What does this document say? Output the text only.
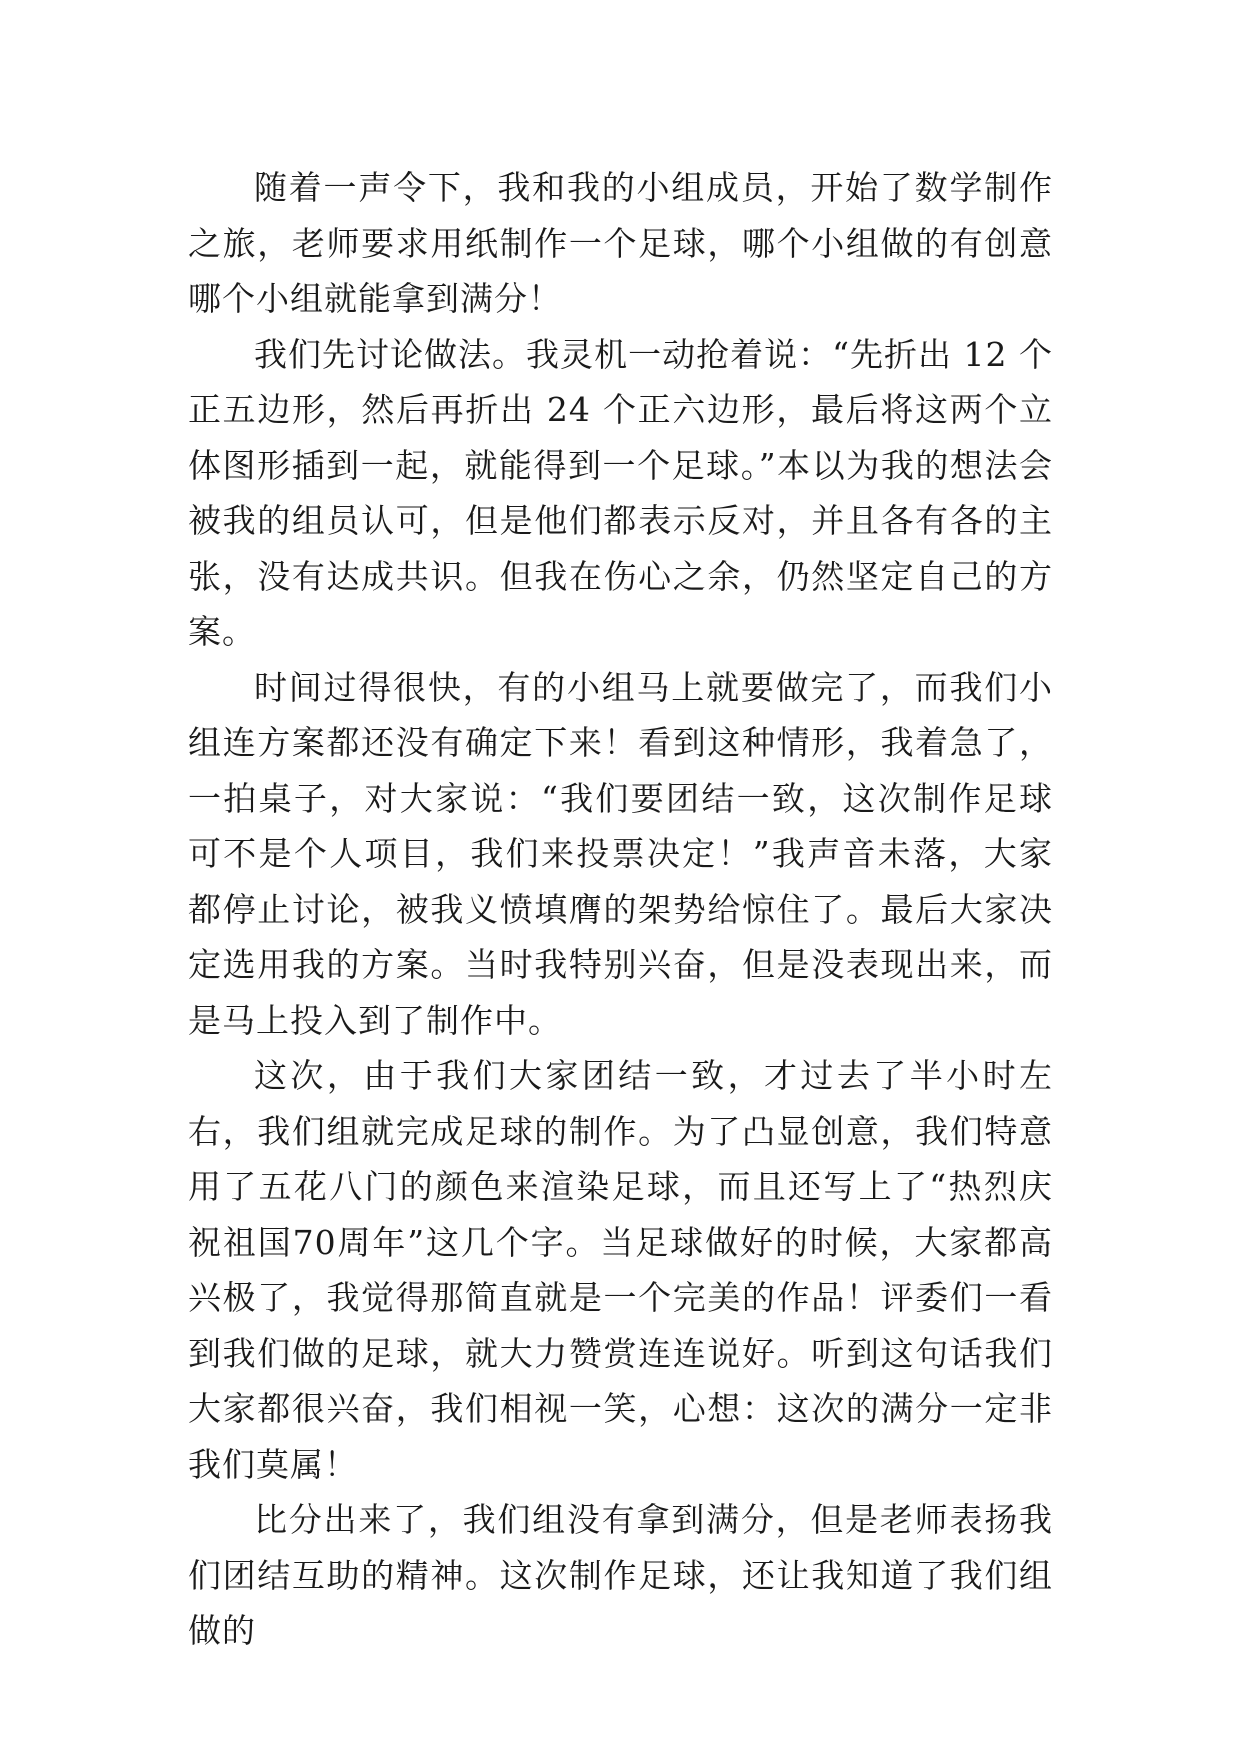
随着一声令下，我和我的小组成员，开始了数学制作之旅，老师要求用纸制作一个足球，哪个小组做的有创意哪个小组就能拿到满分！

我们先讨论做法。我灵机一动抢着说：“先折出 12 个正五边形，然后再折出 24 个正六边形，最后将这两个立体图形插到一起，就能得到一个足球。”本以为我的想法会被我的组员认可，但是他们都表示反对，并且各有各的主张，没有达成共识。但我在伤心之余，仍然坚定自己的方案。

时间过得很快，有的小组马上就要做完了，而我们小组连方案都还没有确定下来！看到这种情形，我着急了，一拍桌子，对大家说：“我们要团结一致，这次制作足球可不是个人项目，我们来投票决定！”我声音未落，大家都停止讨论，被我义愤填膺的架势给惊住了。最后大家决定选用我的方案。当时我特别兴奋，但是没表现出来，而是马上投入到了制作中。

这次，由于我们大家团结一致，才过去了半小时左右，我们组就完成足球的制作。为了凸显创意，我们特意用了五花八门的颜色来渲染足球，而且还写上了“热烈庆祝祖国70周年”这几个字。当足球做好的时候，大家都高兴极了，我觉得那简直就是一个完美的作品！评委们一看到我们做的足球，就大力赞赏连连说好。听到这句话我们大家都很兴奋，我们相视一笑，心想：这次的满分一定非我们莫属！

比分出来了，我们组没有拿到满分，但是老师表扬我们团结互助的精神。这次制作足球，还让我知道了我们组做的
